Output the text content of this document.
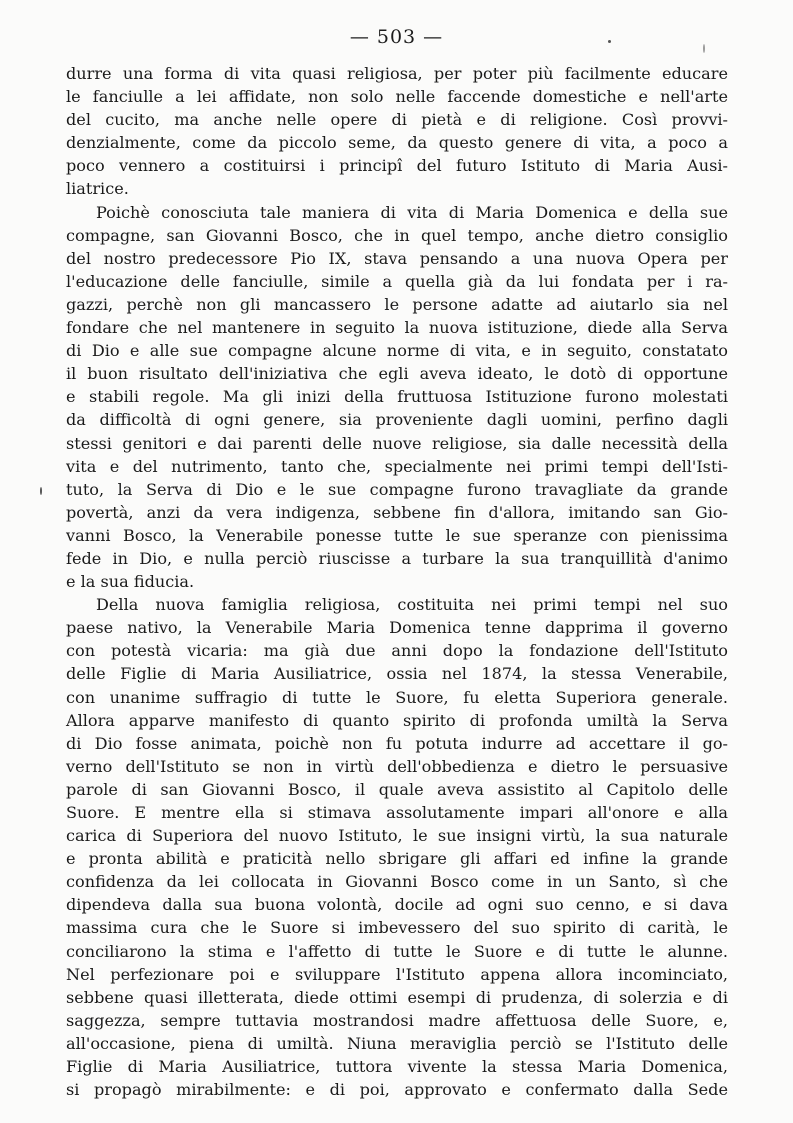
— 503 —
durre una forma di vita quasi religiosa, per poter più facilmente educare
le fanciulle a lei affidate, non solo nelle faccende domestiche e nell'arte
del cucito, ma anche nelle opere di pietà e di religione. Così provvi-
denzialmente, come da piccolo seme, da questo genere di vita, a poco a
poco vennero a costituirsi i principî del futuro Istituto di Maria Ausi-
liatrice.
Poichè conosciuta tale maniera di vita di Maria Domenica e della sue
compagne, san Giovanni Bosco, che in quel tempo, anche dietro consiglio
del nostro predecessore Pio IX, stava pensando a una nuova Opera per
l'educazione delle fanciulle, simile a quella già da lui fondata per i ra-
gazzi, perchè non gli mancassero le persone adatte ad aiutarlo sia nel
fondare che nel mantenere in seguito la nuova istituzione, diede alla Serva
di Dio e alle sue compagne alcune norme di vita, e in seguito, constatato
il buon risultato dell'iniziativa che egli aveva ideato, le dotò di opportune
e stabili regole. Ma gli inizi della fruttuosa Istituzione furono molestati
da difficoltà di ogni genere, sia proveniente dagli uomini, perfino dagli
stessi genitori e dai parenti delle nuove religiose, sia dalle necessità della
vita e del nutrimento, tanto che, specialmente nei primi tempi dell'Isti-
tuto, la Serva di Dio e le sue compagne furono travagliate da grande
povertà, anzi da vera indigenza, sebbene fin d'allora, imitando san Gio-
vanni Bosco, la Venerabile ponesse tutte le sue speranze con pienissima
fede in Dio, e nulla perciò riuscisse a turbare la sua tranquillità d'animo
e la sua fiducia.
Della nuova famiglia religiosa, costituita nei primi tempi nel suo
paese nativo, la Venerabile Maria Domenica tenne dapprima il governo
con potestà vicaria: ma già due anni dopo la fondazione dell'Istituto
delle Figlie di Maria Ausiliatrice, ossia nel 1874, la stessa Venerabile,
con unanime suffragio di tutte le Suore, fu eletta Superiora generale.
Allora apparve manifesto di quanto spirito di profonda umiltà la Serva
di Dio fosse animata, poichè non fu potuta indurre ad accettare il go-
verno dell'Istituto se non in virtù dell'obbedienza e dietro le persuasive
parole di san Giovanni Bosco, il quale aveva assistito al Capitolo delle
Suore. E mentre ella si stimava assolutamente impari all'onore e alla
carica di Superiora del nuovo Istituto, le sue insigni virtù, la sua naturale
e pronta abilità e praticità nello sbrigare gli affari ed infine la grande
confidenza da lei collocata in Giovanni Bosco come in un Santo, sì che
dipendeva dalla sua buona volontà, docile ad ogni suo cenno, e si dava
massima cura che le Suore si imbevessero del suo spirito di carità, le
conciliarono la stima e l'affetto di tutte le Suore e di tutte le alunne.
Nel perfezionare poi e sviluppare l'Istituto appena allora incominciato,
sebbene quasi illetterata, diede ottimi esempi di prudenza, di solerzia e di
saggezza, sempre tuttavia mostrandosi madre affettuosa delle Suore, e,
all'occasione, piena di umiltà. Niuna meraviglia perciò se l'Istituto delle
Figlie di Maria Ausiliatrice, tuttora vivente la stessa Maria Domenica,
si propagò mirabilmente: e di poi, approvato e confermato dalla Sede
